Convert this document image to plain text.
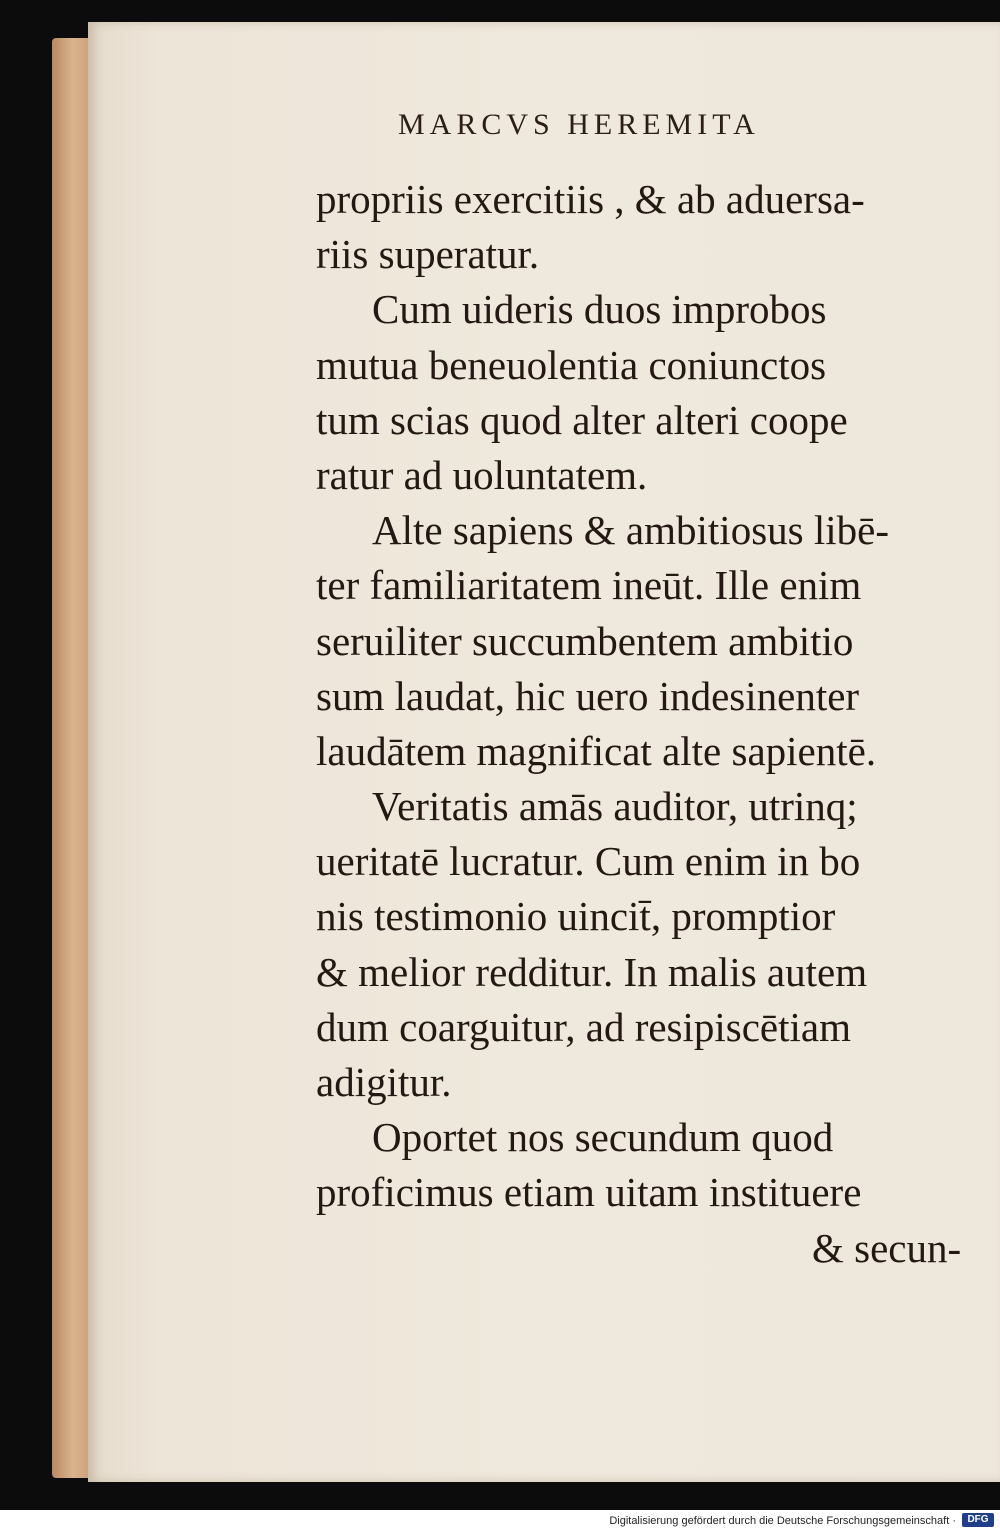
MARCVS HEREMITA
propriis exercitiis , & ab aduersa-
riis superatur.
Cum uideris duos improbos
mutua beneuolentia coniunctos
tum scias quod alter alteri coope
ratur ad uoluntatem.
Alte sapiens & ambitiosus libē-
ter familiaritatem ineūt. Ille enim
seruiliter succumbentem ambitio
sum laudat, hic uero indesinenter
laudātem magnificat alte sapientē.
Veritatis amās auditor, utrinq;
ueritatē lucratur. Cum enim in bo
nis testimonio uincit̄, promptior
& melior redditur. In malis autem
dum coarguitur, ad resipiscētiam
adigitur.
Oportet nos secundum quod
proficimus etiam uitam instituere
& secun-
Digitalisierung gefördert durch die Deutsche Forschungsgemeinschaft ·	DFG
